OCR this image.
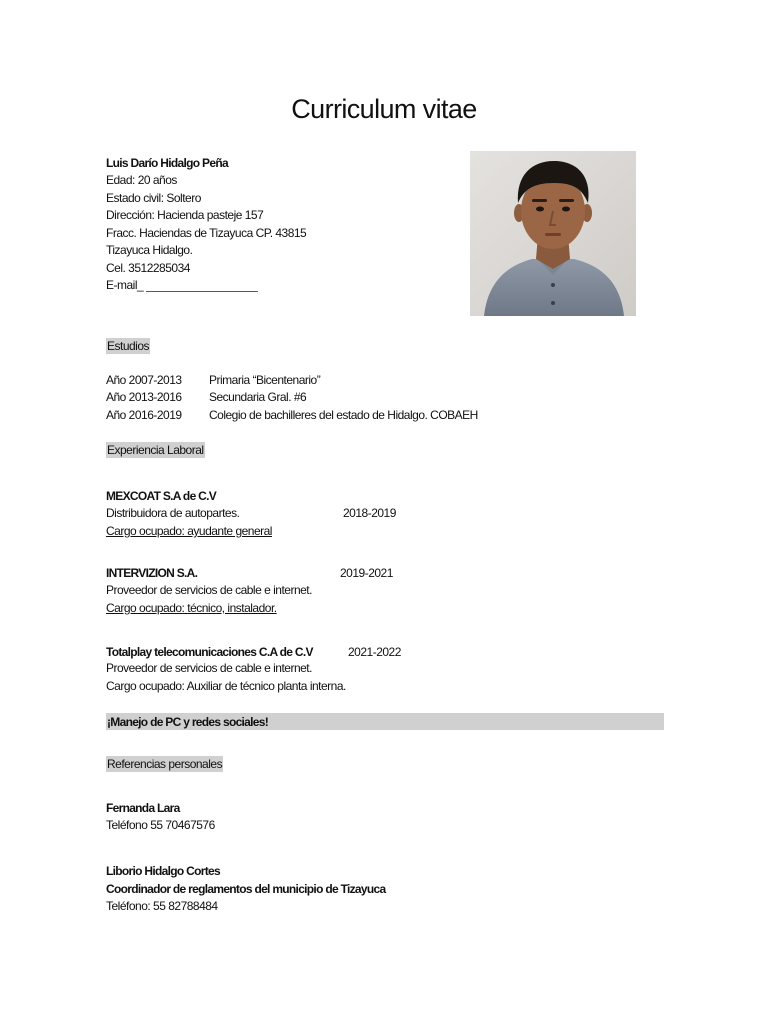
Curriculum vitae
Luis Darío Hidalgo Peña
Edad: 20 años
Estado civil: Soltero
Dirección: Hacienda pasteje 157
Fracc. Haciendas de Tizayuca CP. 43815
Tizayuca Hidalgo.
Cel. 3512285034
E-mail_
Estudios
Año 2007-2013 Primaria “Bicentenario”
Año 2013-2016 Secundaria Gral. #6
Año 2016-2019 Colegio de bachilleres del estado de Hidalgo. COBAEH
Experiencia Laboral
MEXCOAT S.A de C.V
Distribuidora de autopartes.	2018-2019
Cargo ocupado: ayudante general
INTERVIZION S.A.	2019-2021
Proveedor de servicios de cable e internet.
Cargo ocupado: técnico, instalador.
Totalplay telecomunicaciones C.A de C.V	2021-2022
Proveedor de servicios de cable e internet.
Cargo ocupado: Auxiliar de técnico planta interna.
¡Manejo de PC y redes sociales!
Referencias personales
Fernanda Lara
Teléfono 55 70467576
Liborio Hidalgo Cortes
Coordinador de reglamentos del municipio de Tizayuca
Teléfono: 55 82788484
